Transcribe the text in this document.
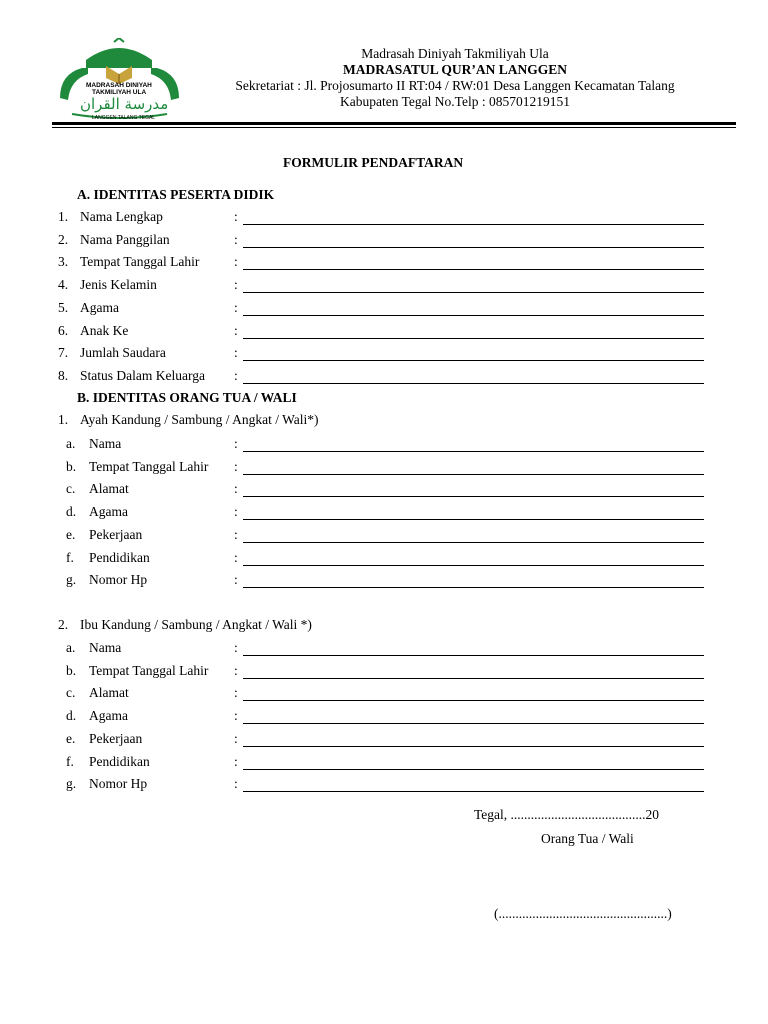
MADRASAH DINIYAH
TAKMILIYAH ULA
مدرسة القران
LANGGEN TALANG TEGAL
Madrasah Diniyah Takmiliyah Ula
MADRASATUL QUR’AN LANGGEN
Sekretariat : Jl. Projosumarto II RT:04 / RW:01 Desa Langgen Kecamatan Talang
Kabupaten Tegal No.Telp : 085701219151
FORMULIR PENDAFTARAN
A. IDENTITAS PESERTA DIDIK
1. Nama Lengkap	:
2. Nama Panggilan	:
3. Tempat Tanggal Lahir	:
4. Jenis Kelamin	:
5. Agama	:
6. Anak Ke	:
7. Jumlah Saudara	:
8. Status Dalam Keluarga :
B. IDENTITAS ORANG TUA / WALI
1. Ayah Kandung / Sambung / Angkat / Wali*)
a. Nama	:
b. Tempat Tanggal Lahir :
c. Alamat	:
d. Agama	:
e. Pekerjaan	:
f. Pendidikan	:
g. Nomor Hp	:
2. Ibu Kandung / Sambung / Angkat / Wali *)
a. Nama	:
b. Tempat Tanggal Lahir :
c. Alamat	:
d. Agama	:
e. Pekerjaan	:
f. Pendidikan	:
g. Nomor Hp	:
Tegal, ........................................20
Orang Tua / Wali
(..................................................)
